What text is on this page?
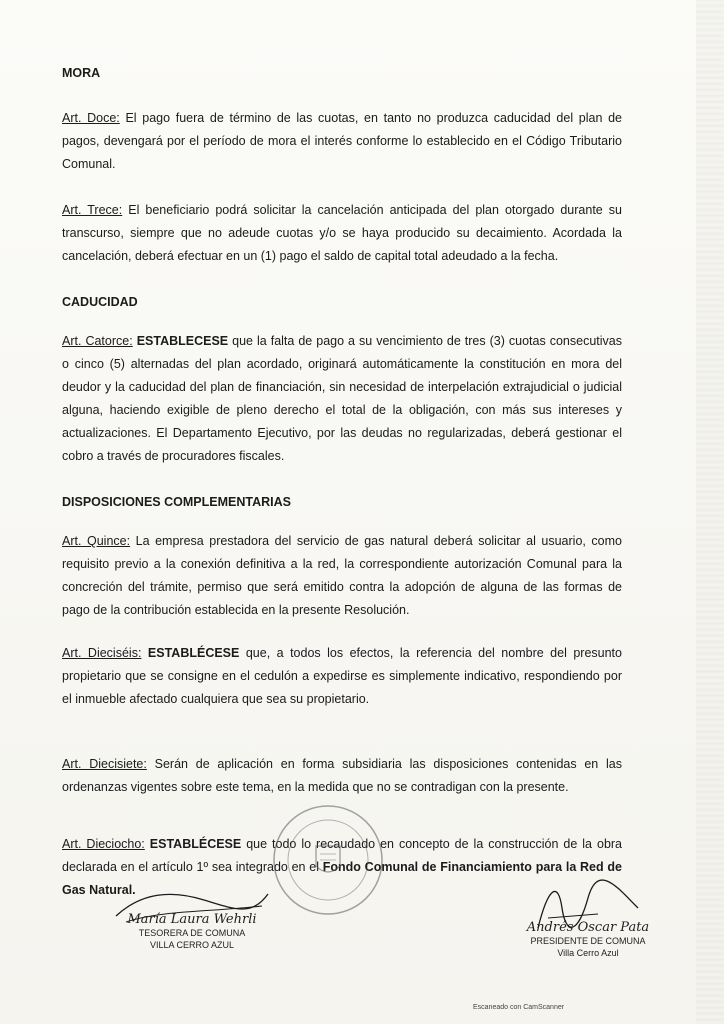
MORA

Art. Doce: El pago fuera de término de las cuotas, en tanto no produzca caducidad del plan de pagos, devengará por el período de mora el interés conforme lo establecido en el Código Tributario Comunal.

Art. Trece: El beneficiario podrá solicitar la cancelación anticipada del plan otorgado durante su transcurso, siempre que no adeude cuotas y/o se haya producido su decaimiento. Acordada la cancelación, deberá efectuar en un (1) pago el saldo de capital total adeudado a la fecha.

CADUCIDAD

Art. Catorce: ESTABLECESE que la falta de pago a su vencimiento de tres (3) cuotas consecutivas o cinco (5) alternadas del plan acordado, originará automáticamente la constitución en mora del deudor y la caducidad del plan de financiación, sin necesidad de interpelación extrajudicial o judicial alguna, haciendo exigible de pleno derecho el total de la obligación, con más sus intereses y actualizaciones. El Departamento Ejecutivo, por las deudas no regularizadas, deberá gestionar el cobro a través de procuradores fiscales.

DISPOSICIONES COMPLEMENTARIAS

Art. Quince: La empresa prestadora del servicio de gas natural deberá solicitar al usuario, como requisito previo a la conexión definitiva a la red, la correspondiente autorización Comunal para la concreción del trámite, permiso que será emitido contra la adopción de alguna de las formas de pago de la contribución establecida en la presente Resolución.

Art. Dieciséis: ESTABLÉCESE que, a todos los efectos, la referencia del nombre del presunto propietario que se consigne en el cedulón a expedirse es simplemente indicativo, respondiendo por el inmueble afectado cualquiera que sea su propietario.

Art. Diecisiete: Serán de aplicación en forma subsidiaria las disposiciones contenidas en las ordenanzas vigentes sobre este tema, en la medida que no se contradigan con la presente.

Art. Dieciocho: ESTABLÉCESE que todo lo recaudado en concepto de la construcción de la obra declarada en el artículo 1º sea integrado en el Fondo Comunal de Financiamiento para la Red de Gas Natural.

María Laura Wehrli
TESORERA DE COMUNA
VILLA CERRO AZUL
Andrés Oscar Pata
PRESIDENTE DE COMUNA
Villa Cerro Azul
Escaneado con CamScanner
